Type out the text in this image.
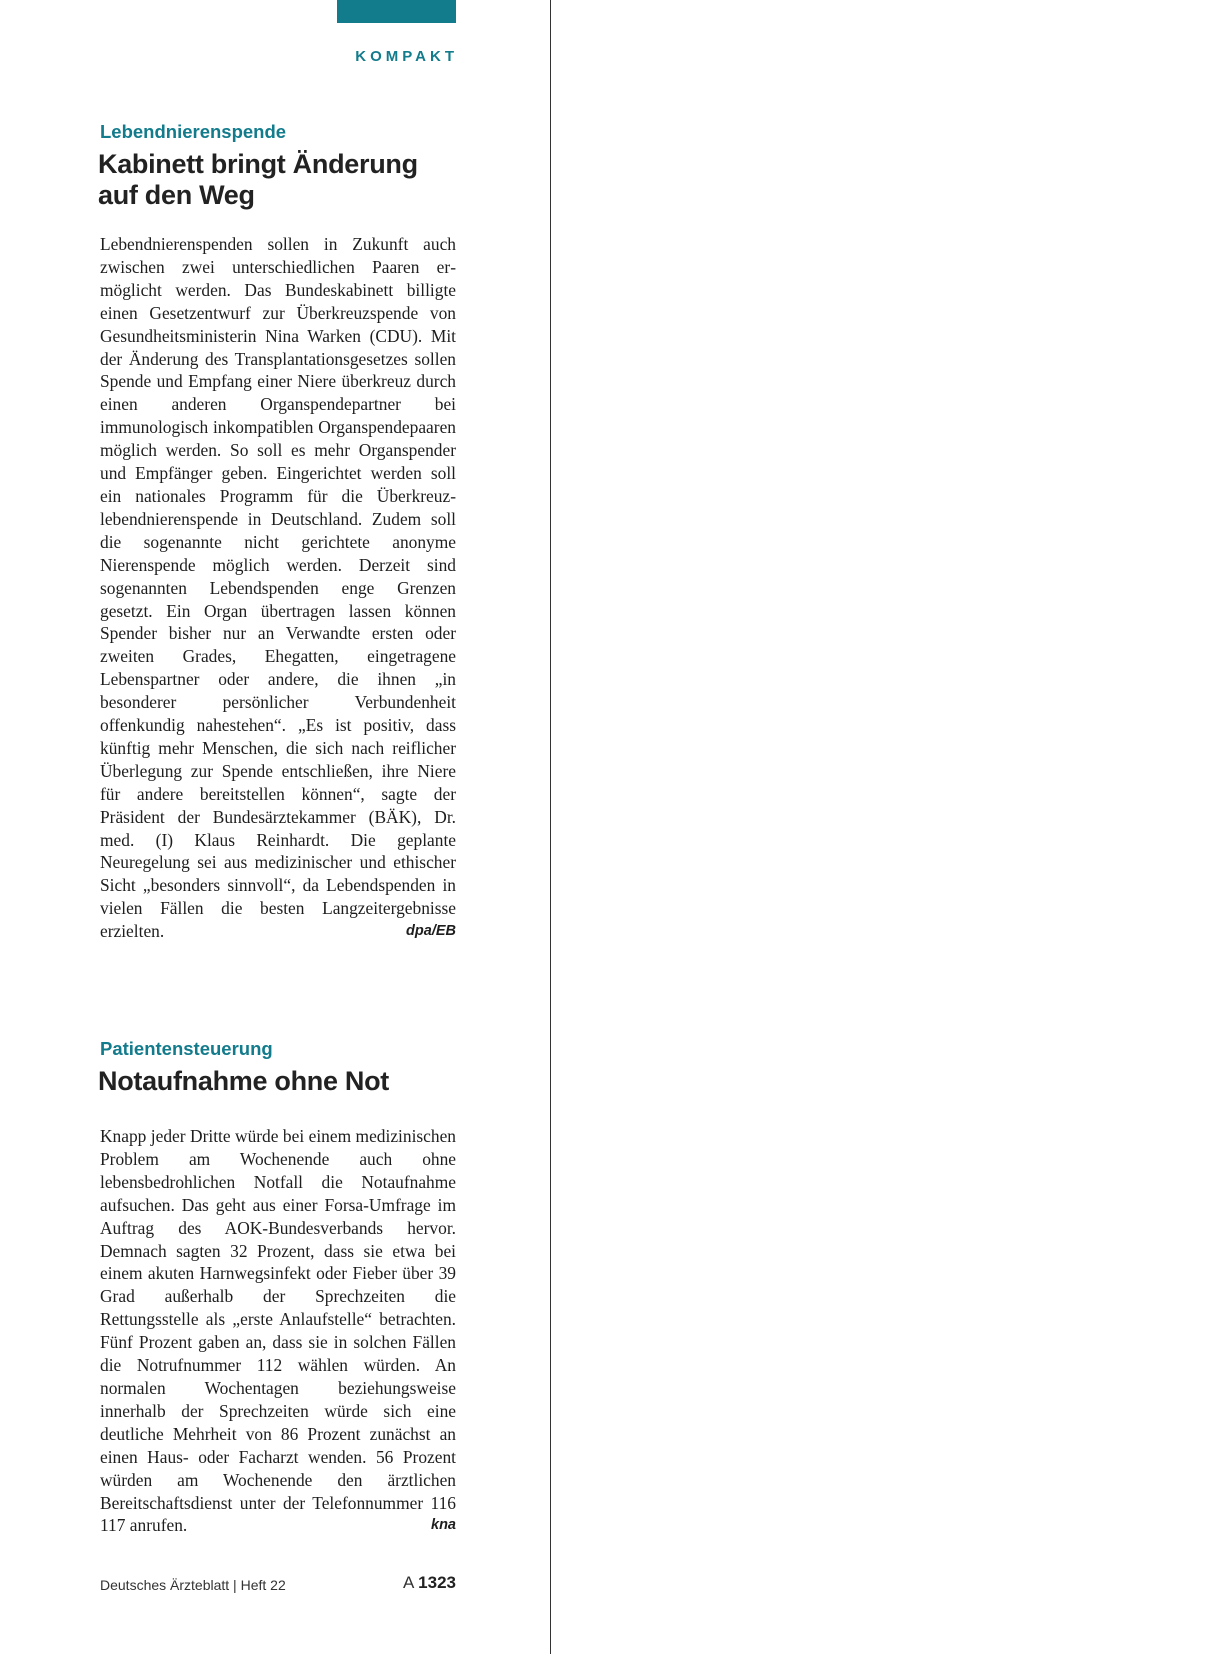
KOMPAKT
Lebendnierenspende
Kabinett bringt Änderung
auf den Weg
Lebendnierenspenden sollen in Zukunft auch zwischen zwei unterschiedlichen Paaren ermöglicht werden. Das Bundeskabinett billigte einen Gesetzentwurf zur Überkreuzspende von Gesundheitsministerin Nina Warken (CDU). Mit der Änderung des Transplantationsgesetzes sollen Spende und Empfang einer Niere überkreuz durch einen anderen Organspendepartner bei immunologisch inkompatiblen Organspendepaaren möglich werden. So soll es mehr Organspender und Empfänger geben. Eingerichtet werden soll ein nationales Programm für die Überkreuzlebendnierenspende in Deutschland. Zudem soll die sogenannte nicht gerichtete anonyme Nierenspende möglich werden. Derzeit sind sogenannten Lebendspenden enge Grenzen gesetzt. Ein Organ übertragen lassen können Spender bisher nur an Verwandte ersten oder zweiten Grades, Ehegatten, eingetragene Lebenspartner oder andere, die ihnen „in besonderer persönlicher Verbundenheit offenkundig nahestehen“. „Es ist positiv, dass künftig mehr Menschen, die sich nach reiflicher Überlegung zur Spende entschließen, ihre Niere für andere bereitstellen können“, sagte der Präsident der Bundesärztekammer (BÄK), Dr. med. (I) Klaus Reinhardt. Die geplante Neuregelung sei aus medizinischer und ethischer Sicht „besonders sinnvoll“, da Lebendspenden in vielen Fällen die besten Langzeitergebnisse erzielten.	dpa/EB
Patientensteuerung
Notaufnahme ohne Not
Knapp jeder Dritte würde bei einem medizinischen Problem am Wochenende auch ohne lebensbedrohlichen Notfall die Notaufnahme aufsuchen. Das geht aus einer Forsa-Umfrage im Auftrag des AOK-Bundesverbands hervor. Demnach sagten 32 Prozent, dass sie etwa bei einem akuten Harnwegsinfekt oder Fieber über 39 Grad außerhalb der Sprechzeiten die Rettungsstelle als „erste Anlaufstelle“ betrachten. Fünf Prozent gaben an, dass sie in solchen Fällen die Notrufnummer 112 wählen würden. An normalen Wochentagen beziehungsweise innerhalb der Sprechzeiten würde sich eine deutliche Mehrheit von 86 Prozent zunächst an einen Haus- oder Facharzt wenden. 56 Prozent würden am Wochenende den ärztlichen Bereitschaftsdienst unter der Telefonnummer 116 117 anrufen.	kna
Deutsches Ärzteblatt | Heft 22	A 1323
